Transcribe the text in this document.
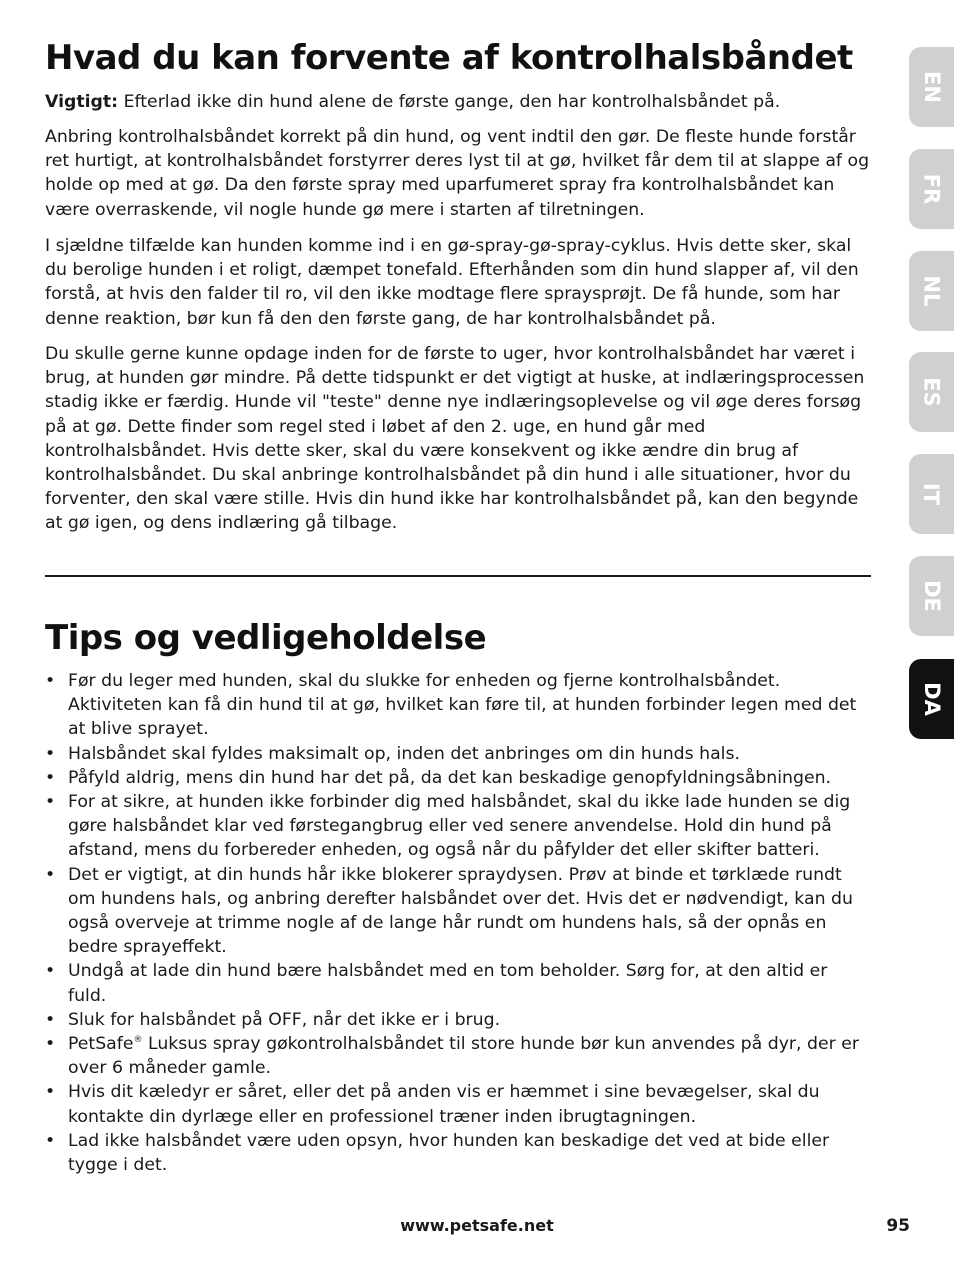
Hvad du kan forvente af kontrolhalsbåndet

Vigtigt: Efterlad ikke din hund alene de første gange, den har kontrolhalsbåndet på.

Anbring kontrolhalsbåndet korrekt på din hund, og vent indtil den gør. De fleste hunde forstår ret hurtigt, at kontrolhalsbåndet forstyrrer deres lyst til at gø, hvilket får dem til at slappe af og holde op med at gø. Da den første spray med uparfumeret spray fra kontrolhalsbåndet kan være overraskende, vil nogle hunde gø mere i starten af tilretningen.

I sjældne tilfælde kan hunden komme ind i en gø-spray-gø-spray-cyklus. Hvis dette sker, skal du berolige hunden i et roligt, dæmpet tonefald. Efterhånden som din hund slapper af, vil den forstå, at hvis den falder til ro, vil den ikke modtage flere spraysprøjt. De få hunde, som har denne reaktion, bør kun få den den første gang, de har kontrolhalsbåndet på.

Du skulle gerne kunne opdage inden for de første to uger, hvor kontrolhalsbåndet har været i brug, at hunden gør mindre. På dette tidspunkt er det vigtigt at huske, at indlæringsprocessen stadig ikke er færdig. Hunde vil "teste" denne nye indlæringsoplevelse og vil øge deres forsøg på at gø. Dette finder som regel sted i løbet af den 2. uge, en hund går med kontrolhalsbåndet. Hvis dette sker, skal du være konsekvent og ikke ændre din brug af kontrolhalsbåndet. Du skal anbringe kontrolhalsbåndet på din hund i alle situationer, hvor du forventer, den skal være stille. Hvis din hund ikke har kontrolhalsbåndet på, kan den begynde at gø igen, og dens indlæring gå tilbage.

Tips og vedligeholdelse
• Før du leger med hunden, skal du slukke for enheden og fjerne kontrolhalsbåndet. Aktiviteten kan få din hund til at gø, hvilket kan føre til, at hunden forbinder legen med det at blive sprayet.
• Halsbåndet skal fyldes maksimalt op, inden det anbringes om din hunds hals.
• Påfyld aldrig, mens din hund har det på, da det kan beskadige genopfyldningsåbningen.
• For at sikre, at hunden ikke forbinder dig med halsbåndet, skal du ikke lade hunden se dig gøre halsbåndet klar ved førstegangbrug eller ved senere anvendelse. Hold din hund på afstand, mens du forbereder enheden, og også når du påfylder det eller skifter batteri.
• Det er vigtigt, at din hunds hår ikke blokerer spraydysen. Prøv at binde et tørklæde rundt om hundens hals, og anbring derefter halsbåndet over det. Hvis det er nødvendigt, kan du også overveje at trimme nogle af de lange hår rundt om hundens hals, så der opnås en bedre sprayeffekt.
• Undgå at lade din hund bære halsbåndet med en tom beholder. Sørg for, at den altid er fuld.
• Sluk for halsbåndet på OFF, når det ikke er i brug.
• PetSafe® Luksus spray gøkontrolhalsbåndet til store hunde bør kun anvendes på dyr, der er over 6 måneder gamle.
• Hvis dit kæledyr er såret, eller det på anden vis er hæmmet i sine bevægelser, skal du kontakte din dyrlæge eller en professionel træner inden ibrugtagningen.
• Lad ikke halsbåndet være uden opsyn, hvor hunden kan beskadige det ved at bide eller tygge i det.
EN
FR
NL
ES
IT
DE
DA
www.petsafe.net	95
